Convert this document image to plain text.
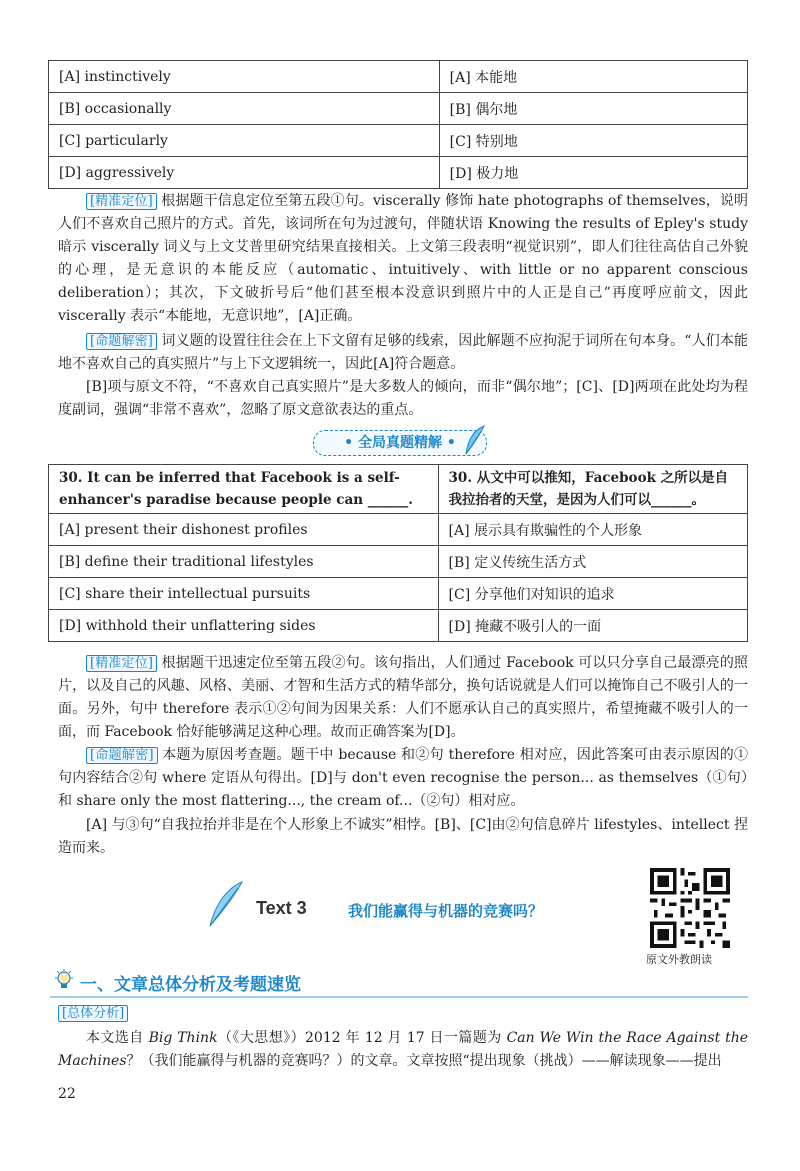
[A] instinctively	[A] 本能地
[B] occasionally	[B] 偶尔地
[C] particularly	[C] 特别地
[D] aggressively	[D] 极力地

[精准定位] 根据题干信息定位至第五段①句。viscerally 修饰 hate photographs of themselves，说明人们不喜欢自己照片的方式。首先，该词所在句为过渡句，伴随状语 Knowing the results of Epley's study 暗示 viscerally 词义与上文艾普里研究结果直接相关。上文第三段表明“视觉识别”，即人们往往高估自己外貌的心理，是无意识的本能反应（automatic、intuitively、with little or no apparent conscious deliberation）；其次，下文破折号后“他们甚至根本没意识到照片中的人正是自己”再度呼应前文，因此 viscerally 表示“本能地，无意识地”，[A]正确。

[命题解密] 词义题的设置往往会在上下文留有足够的线索，因此解题不应拘泥于词所在句本身。“人们本能地不喜欢自己的真实照片”与上下文逻辑统一，因此[A]符合题意。

[B]项与原文不符，“不喜欢自己真实照片”是大多数人的倾向，而非“偶尔地”；[C]、[D]两项在此处均为程度副词，强调“非常不喜欢”，忽略了原文意欲表达的重点。

• 全局真题精解 •
30. It can be inferred that Facebook is a self-enhancer's paradise because people can ______.	30. 从文中可以推知，Facebook 之所以是自我拉抬者的天堂，是因为人们可以______。
[A] present their dishonest profiles	[A] 展示具有欺骗性的个人形象
[B] define their traditional lifestyles	[B] 定义传统生活方式
[C] share their intellectual pursuits	[C] 分享他们对知识的追求
[D] withhold their unflattering sides	[D] 掩藏不吸引人的一面

[精准定位] 根据题干迅速定位至第五段②句。该句指出，人们通过 Facebook 可以只分享自己最漂亮的照片，以及自己的风趣、风格、美丽、才智和生活方式的精华部分，换句话说就是人们可以掩饰自己不吸引人的一面。另外，句中 therefore 表示①②句间为因果关系：人们不愿承认自己的真实照片，希望掩藏不吸引人的一面，而 Facebook 恰好能够满足这种心理。故而正确答案为[D]。

[命题解密] 本题为原因考查题。题干中 because 和②句 therefore 相对应，因此答案可由表示原因的①句内容结合②句 where 定语从句得出。[D]与 don't even recognise the person... as themselves（①句）和 share only the most flattering..., the cream of...（②句）相对应。

[A] 与③句“自我拉抬并非是在个人形象上不诚实”相悖。[B]、[C]由②句信息碎片 lifestyles、intellect 捏造而来。

Text 3	我们能赢得与机器的竞赛吗？
原文外教朗读
一、文章总体分析及考题速览

[总体分析]

本文选自 Big Think（《大思想》）2012 年 12 月 17 日一篇题为 Can We Win the Race Against the Machines？（我们能赢得与机器的竞赛吗？）的文章。文章按照“提出现象（挑战）——解读现象——提出

22
